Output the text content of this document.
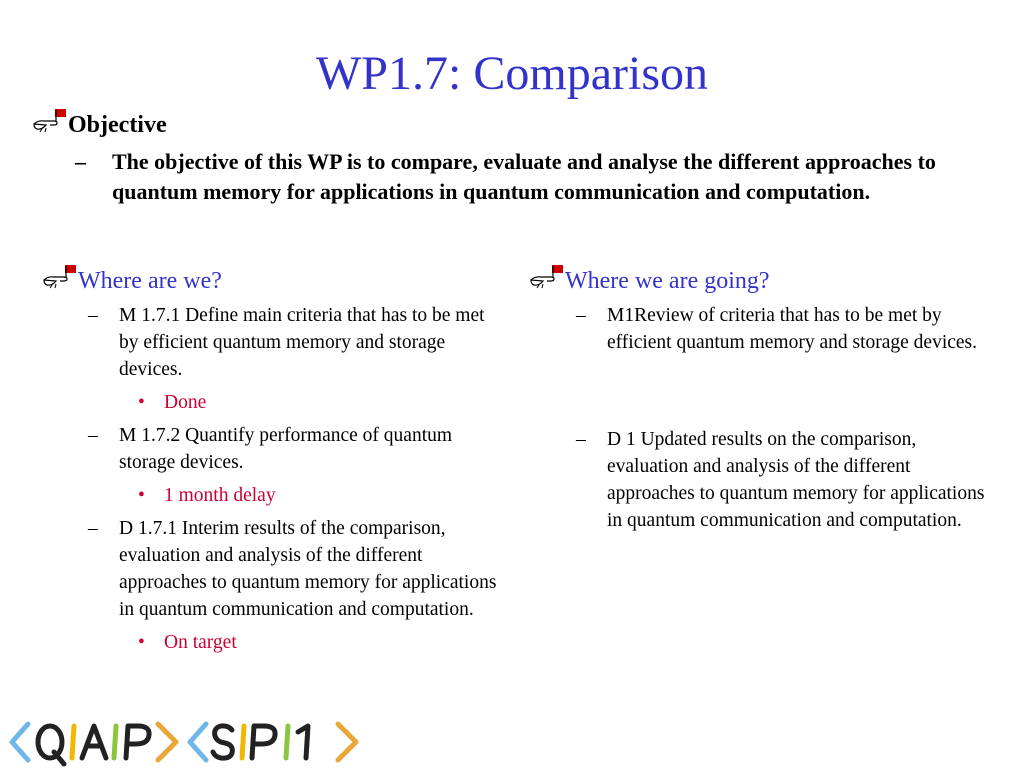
WP1.7: Comparison
Objective
– The objective of this WP is to compare, evaluate and analyse the different approaches to quantum memory for applications in quantum communication and computation.
Where are we?
– M 1.7.1 Define main criteria that has to be met by efficient quantum memory and storage devices.
• Done
– M 1.7.2 Quantify performance of quantum storage devices.
• 1 month delay
– D 1.7.1 Interim results of the comparison, evaluation and analysis of the different approaches to quantum memory for applications in quantum communication and computation.
• On target
Where we are going?
– M1Review of criteria that has to be met by efficient quantum memory and storage devices.
– D 1 Updated results on the comparison, evaluation and analysis of the different approaches to quantum memory for applications in quantum communication and computation.
